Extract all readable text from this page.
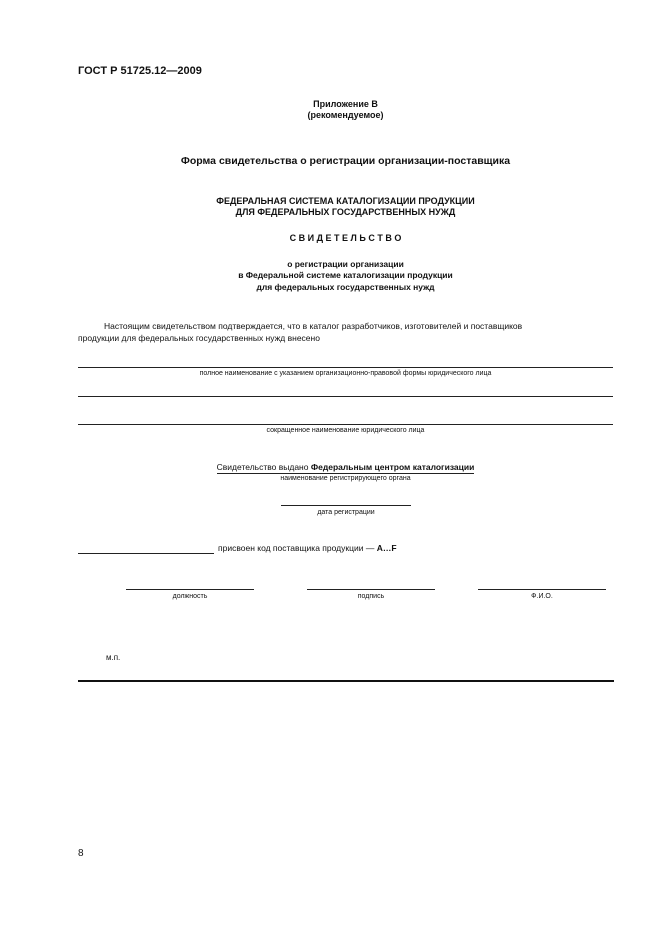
ГОСТ Р 51725.12—2009
Приложение В
(рекомендуемое)
Форма свидетельства о регистрации организации-поставщика
ФЕДЕРАЛЬНАЯ СИСТЕМА КАТАЛОГИЗАЦИИ ПРОДУКЦИИ
ДЛЯ ФЕДЕРАЛЬНЫХ ГОСУДАРСТВЕННЫХ НУЖД
С В И Д Е Т Е Л Ь С Т В О
о регистрации организации
в Федеральной системе каталогизации продукции
для федеральных государственных нужд
Настоящим свидетельством подтверждается, что в каталог разработчиков, изготовителей и поставщиков
продукции для федеральных государственных нужд внесено
полное наименование с указанием организационно-правовой формы юридического лица
сокращенное наименование юридического лица
Свидетельство выдано Федеральным центром каталогизации
наименование регистрирующего органа
дата регистрации
присвоен код поставщика продукции — A…F
должность	подпись	Ф.И.О.
м.п.
8
